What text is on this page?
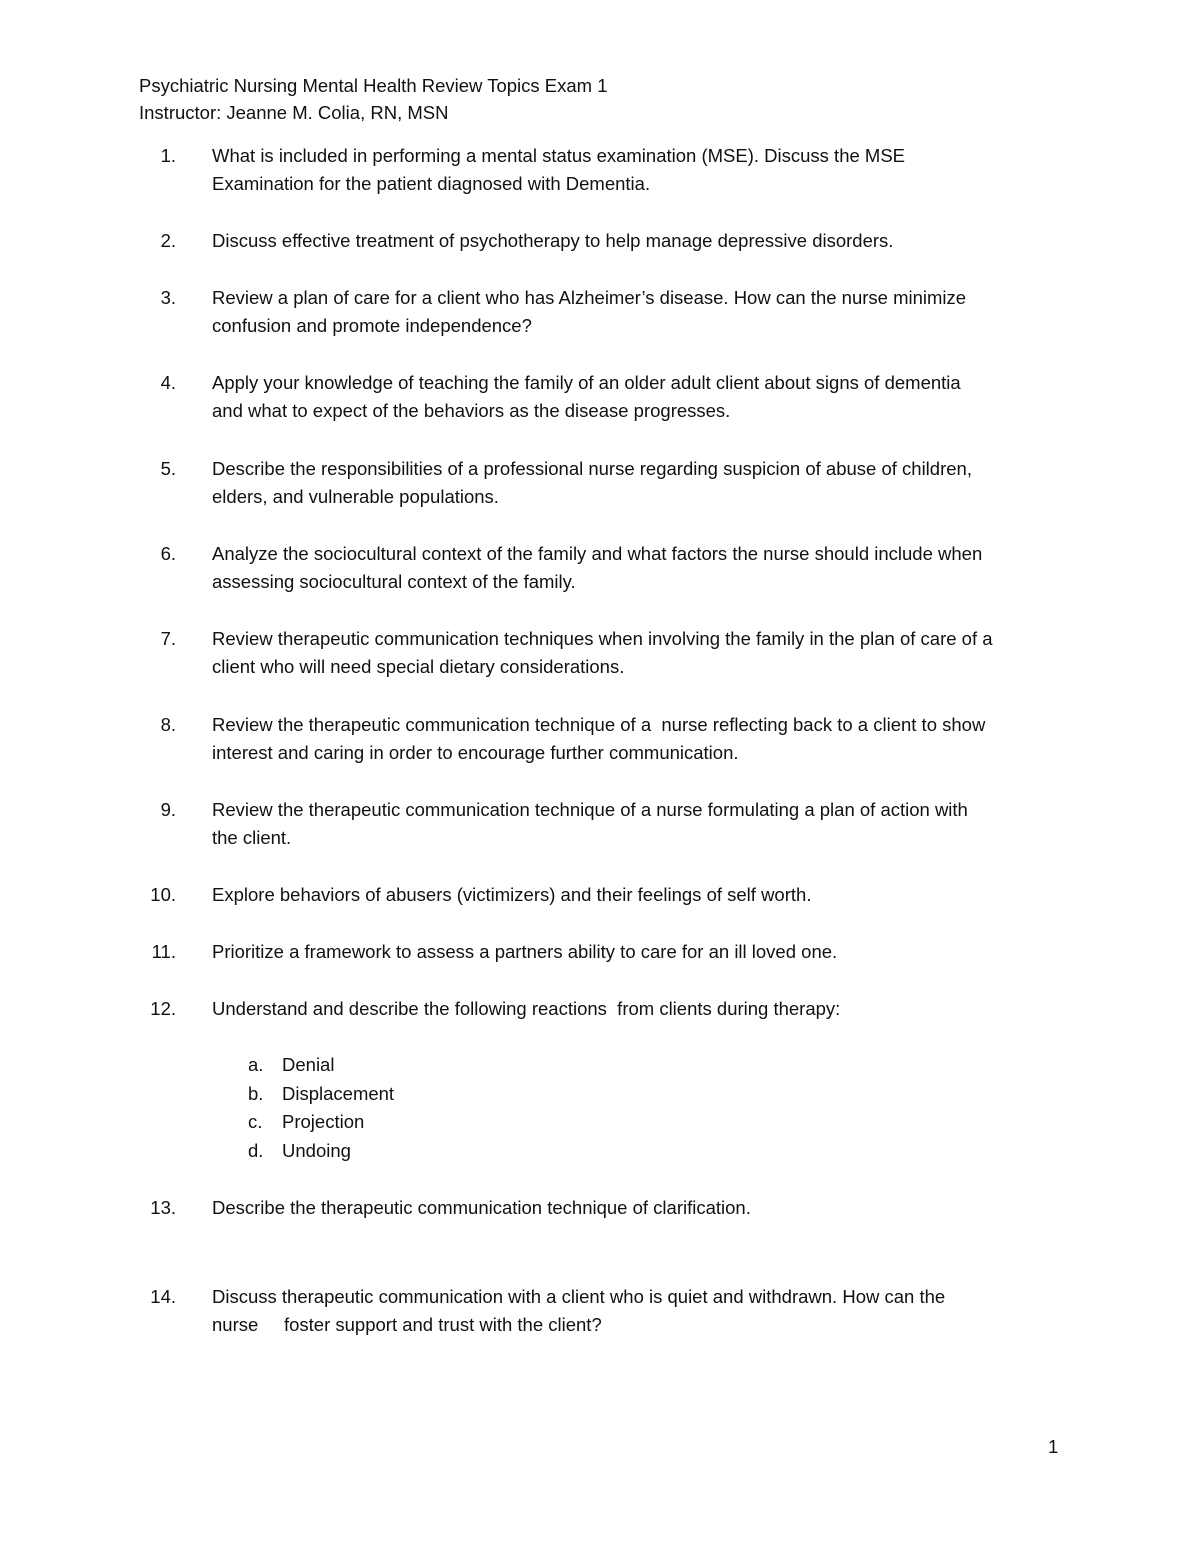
Psychiatric Nursing Mental Health Review Topics Exam 1

Instructor: Jeanne M. Colia, RN, MSN

1. What is included in performing a mental status examination (MSE). Discuss the MSE
Examination for the patient diagnosed with Dementia.
2. Discuss effective treatment of psychotherapy to help manage depressive disorders.
3. Review a plan of care for a client who has Alzheimer’s disease. How can the nurse minimize
confusion and promote independence?
4. Apply your knowledge of teaching the family of an older adult client about signs of dementia
and what to expect of the behaviors as the disease progresses.
5. Describe the responsibilities of a professional nurse regarding suspicion of abuse of children,
elders, and vulnerable populations.
6. Analyze the sociocultural context of the family and what factors the nurse should include when
assessing sociocultural context of the family.
7. Review therapeutic communication techniques when involving the family in the plan of care of a
client who will need special dietary considerations.
8. Review the therapeutic communication technique of a  nurse reflecting back to a client to show
interest and caring in order to encourage further communication.
9. Review the therapeutic communication technique of a nurse formulating a plan of action with
the client.
10. Explore behaviors of abusers (victimizers) and their feelings of self worth.
11. Prioritize a framework to assess a partners ability to care for an ill loved one.
12. Understand and describe the following reactions  from clients during therapy:
a.	Denial
b.	Displacement
c.	Projection
d.	Undoing
13. Describe the therapeutic communication technique of clarification.
14. Discuss therapeutic communication with a client who is quiet and withdrawn. How can the
nurse     foster support and trust with the client?
1
